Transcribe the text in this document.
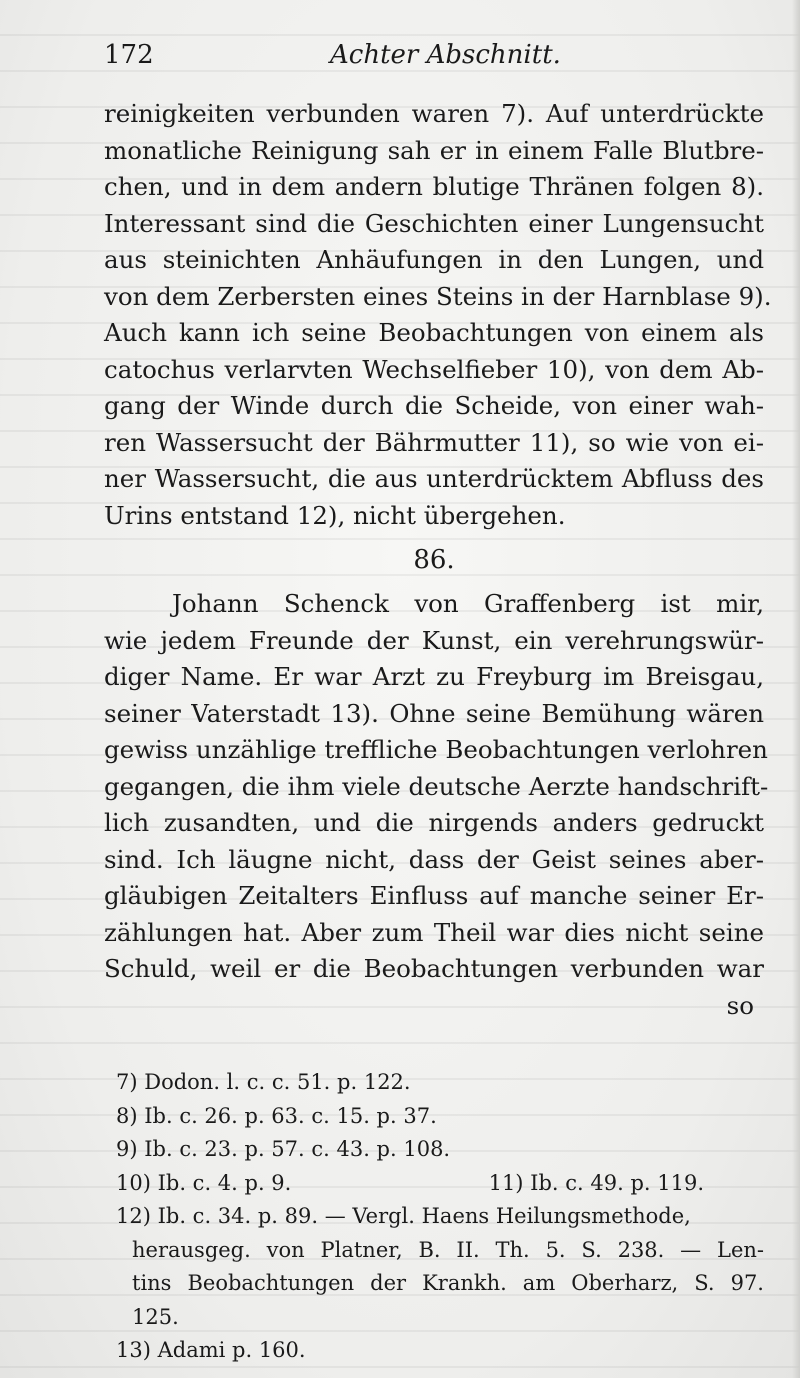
172	Achter Abschnitt.
reinigkeiten verbunden waren 7). Auf unterdrückte
monatliche Reinigung sah er in einem Falle Blutbre-
chen, und in dem andern blutige Thränen folgen 8).
Interessant sind die Geschichten einer Lungensucht
aus steinichten Anhäufungen in den Lungen, und
von dem Zerbersten eines Steins in der Harnblase 9).
Auch kann ich seine Beobachtungen von einem als
catochus verlarvten Wechselfieber 10), von dem Ab-
gang der Winde durch die Scheide, von einer wah-
ren Wassersucht der Bährmutter 11), so wie von ei-
ner Wassersucht, die aus unterdrücktem Abfluss des
Urins entstand 12), nicht übergehen.
86.
Johann Schenck von Graffenberg ist mir,
wie jedem Freunde der Kunst, ein verehrungswür-
diger Name. Er war Arzt zu Freyburg im Breisgau,
seiner Vaterstadt 13). Ohne seine Bemühung wären
gewiss unzählige treffliche Beobachtungen verlohren
gegangen, die ihm viele deutsche Aerzte handschrift-
lich zusandten, und die nirgends anders gedruckt
sind. Ich läugne nicht, dass der Geist seines aber-
gläubigen Zeitalters Einfluss auf manche seiner Er-
zählungen hat. Aber zum Theil war dies nicht seine
Schuld, weil er die Beobachtungen verbunden war
so
7) Dodon. l. c. c. 51. p. 122.
8) Ib. c. 26. p. 63. c. 15. p. 37.
9) Ib. c. 23. p. 57. c. 43. p. 108.
10) Ib. c. 4. p. 9.	11) Ib. c. 49. p. 119.
12) Ib. c. 34. p. 89. — Vergl. Haens Heilungsmethode,
herausgeg. von Platner, B. II. Th. 5. S. 238. — Len-
tins Beobachtungen der Krankh. am Oberharz, S. 97.
125.
13) Adami p. 160.
